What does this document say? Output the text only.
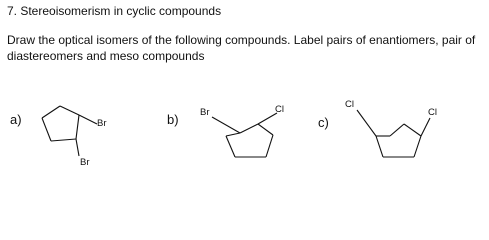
7. Stereoisomerism in cyclic compounds
Draw the optical isomers of the following compounds. Label pairs of enantiomers, pair of
diastereomers and meso compounds
a)	Br
Br
b) Br	Cl
c)
Cl
Cl
